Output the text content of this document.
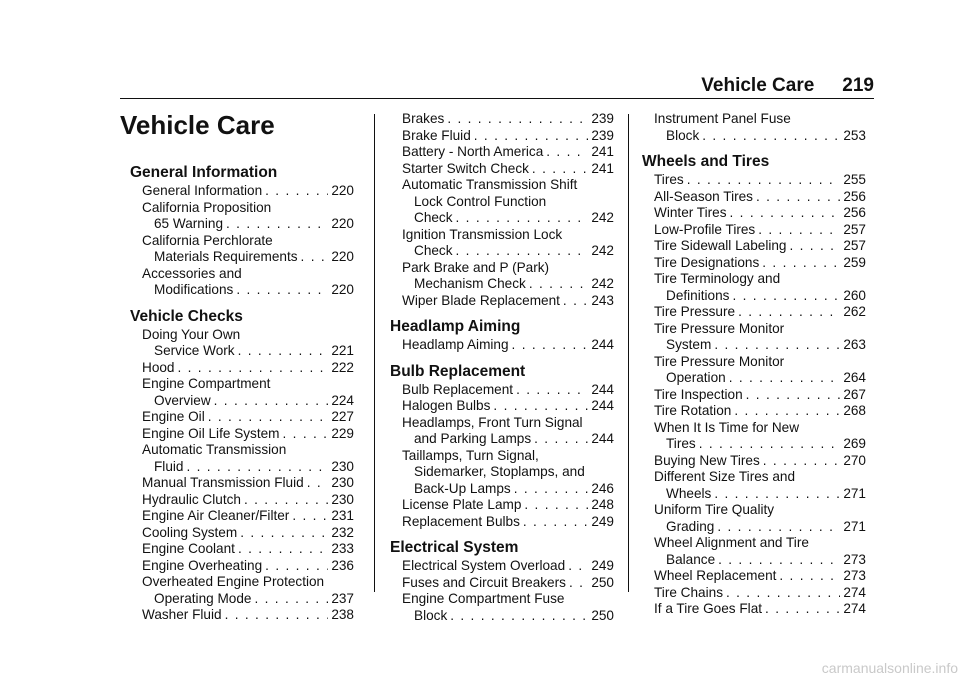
Vehicle Care 219
Vehicle Care
General Information
General Information . . .	220
California Proposition
65 Warning . . .	220
California Perchlorate
Materials Requirements . . . 220
Accessories and
Modifications . . .	220
Vehicle Checks
Doing Your Own
Service Work . . .	221
Hood . . .	222
Engine Compartment
Overview . . .	224
Engine Oil . . .	227
Engine Oil Life System . . .	229
Automatic Transmission
Fluid . . .	230
Manual Transmission Fluid . . . 230
Hydraulic Clutch . . .	230
Engine Air Cleaner/Filter . . .	231
Cooling System . . .	232
Engine Coolant . . .	233
Engine Overheating . . .	236
Overheated Engine Protection
Operating Mode . . .	237
Washer Fluid . . .	238
Brakes . . .	239
Brake Fluid . . .	239
Battery - North America . . .	241
Starter Switch Check . . .	241
Automatic Transmission Shift
Lock Control Function
Check . . .	242
Ignition Transmission Lock
Check . . .	242
Park Brake and P (Park)
Mechanism Check . . .	242
Wiper Blade Replacement . . . 243
Headlamp Aiming
Headlamp Aiming . . .	244
Bulb Replacement
Bulb Replacement . . .	244
Halogen Bulbs . . .	244
Headlamps, Front Turn Signal
and Parking Lamps . . .	244
Taillamps, Turn Signal,
Sidemarker, Stoplamps, and
Back-Up Lamps . . .	246
License Plate Lamp . . .	248
Replacement Bulbs . . .	249
Electrical System
Electrical System Overload . . . 249
Fuses and Circuit Breakers . . . 250
Engine Compartment Fuse
Block . . .	250
Instrument Panel Fuse
Block . . .	253
Wheels and Tires
Tires . . .	255
All-Season Tires . . .	256
Winter Tires . . .	256
Low-Profile Tires . . .	257
Tire Sidewall Labeling . . .	257
Tire Designations . . .	259
Tire Terminology and
Definitions . . .	260
Tire Pressure . . .	262
Tire Pressure Monitor
System . . .	263
Tire Pressure Monitor
Operation . . .	264
Tire Inspection . . .	267
Tire Rotation . . .	268
When It Is Time for New
Tires . . .	269
Buying New Tires . . .	270
Different Size Tires and
Wheels . . .	271
Uniform Tire Quality
Grading . . .	271
Wheel Alignment and Tire
Balance . . .	273
Wheel Replacement . . .	273
Tire Chains . . .	274
If a Tire Goes Flat . . .	274
carmanualsonline.info
